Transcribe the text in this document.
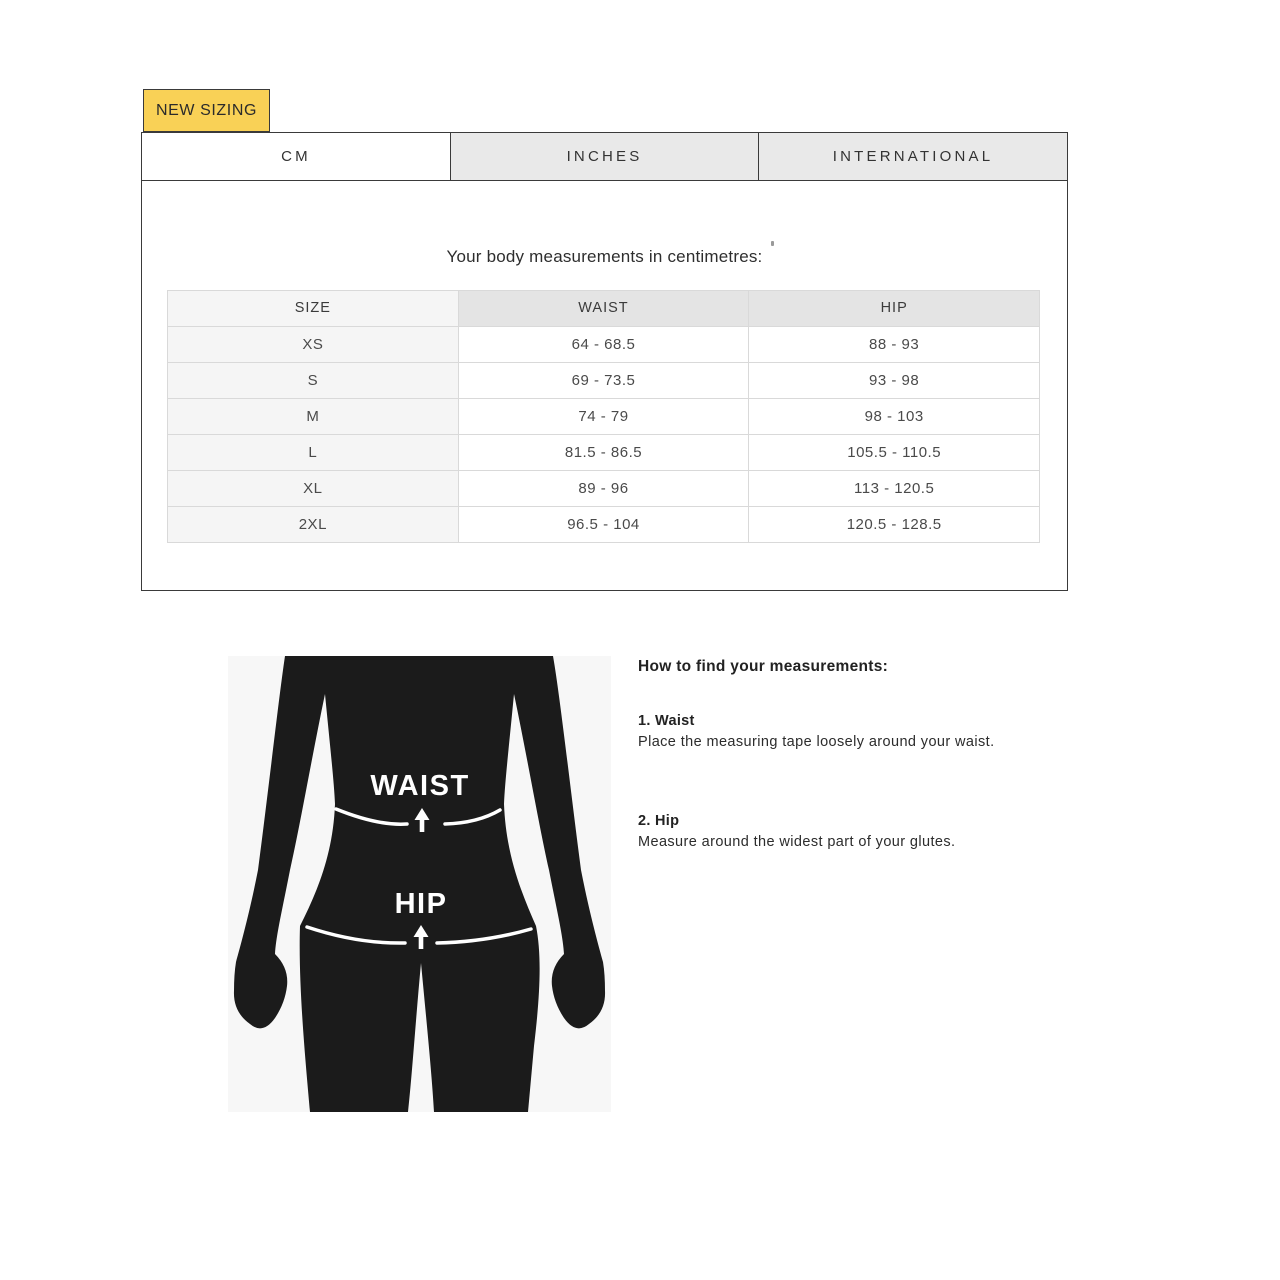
NEW SIZING
CM	INCHES	INTERNATIONAL
Your body measurements in centimetres:
SIZE	WAIST	HIP
XS	64 - 68.5	88 - 93
S	69 - 73.5	93 - 98
M	74 - 79	98 - 103
L	81.5 - 86.5	105.5 - 110.5
XL	89 - 96	113 - 120.5
2XL	96.5 - 104	120.5 - 128.5
WAIST
HIP
How to find your measurements:
1. Waist
Place the measuring tape loosely around your waist.
2. Hip
Measure around the widest part of your glutes.
